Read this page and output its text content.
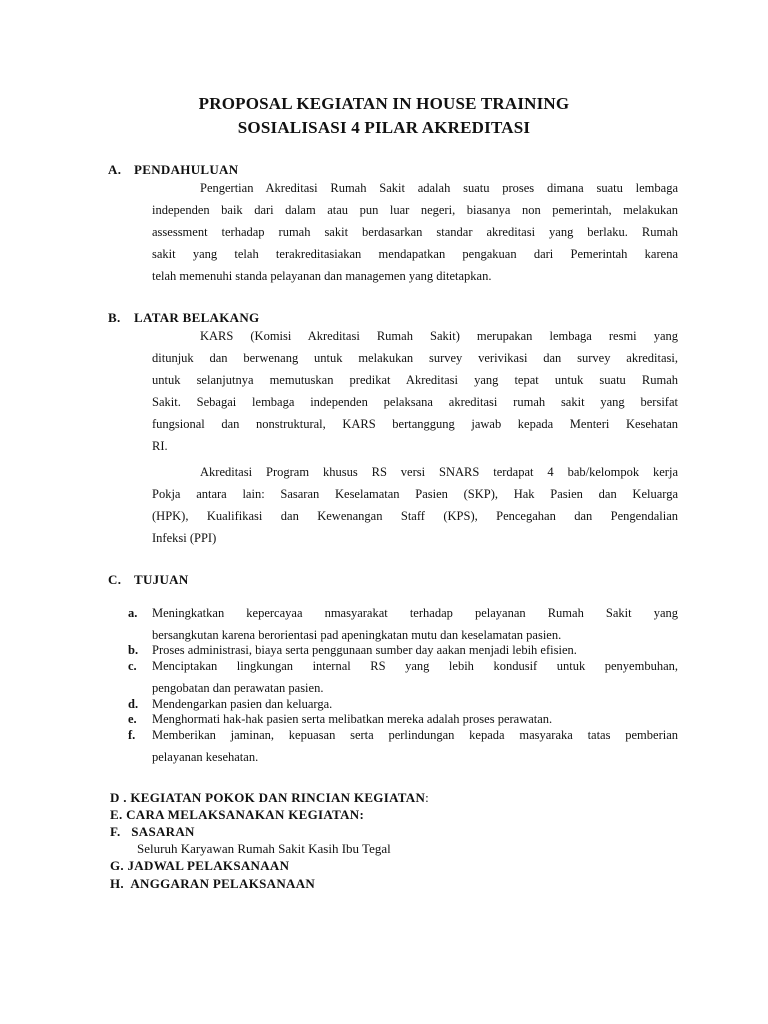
PROPOSAL KEGIATAN IN HOUSE TRAINING
SOSIALISASI 4 PILAR AKREDITASI
A. PENDAHULUAN
Pengertian Akreditasi Rumah Sakit adalah suatu proses dimana suatu lembaga
independen baik dari dalam atau pun luar negeri, biasanya non pemerintah, melakukan
assessment terhadap rumah sakit berdasarkan standar akreditasi yang berlaku. Rumah
sakit yang telah terakreditasiakan mendapatkan pengakuan dari Pemerintah karena
telah memenuhi standa pelayanan dan managemen yang ditetapkan.
B. LATAR BELAKANG
KARS (Komisi Akreditasi Rumah Sakit) merupakan lembaga resmi yang
ditunjuk dan berwenang untuk melakukan survey verivikasi dan survey akreditasi,
untuk selanjutnya memutuskan predikat Akreditasi yang tepat untuk suatu Rumah
Sakit. Sebagai lembaga independen pelaksana akreditasi rumah sakit yang bersifat
fungsional dan nonstruktural, KARS bertanggung jawab kepada Menteri Kesehatan
RI.
Akreditasi Program khusus RS versi SNARS terdapat 4 bab/kelompok kerja
Pokja antara lain: Sasaran Keselamatan Pasien (SKP), Hak Pasien dan Keluarga
(HPK), Kualifikasi dan Kewenangan Staff (KPS), Pencegahan dan Pengendalian
Infeksi (PPI)
C. TUJUAN
a. Meningkatkan kepercayaa nmasyarakat terhadap pelayanan Rumah Sakit yang
bersangkutan karena berorientasi pad apeningkatan mutu dan keselamatan pasien.
b. Proses administrasi, biaya serta penggunaan sumber day aakan menjadi lebih efisien.
c. Menciptakan lingkungan internal RS yang lebih kondusif untuk penyembuhan,
pengobatan dan perawatan pasien.
d. Mendengarkan pasien dan keluarga.
e. Menghormati hak-hak pasien serta melibatkan mereka adalah proses perawatan.
f. Memberikan jaminan, kepuasan serta perlindungan kepada masyaraka tatas pemberian
pelayanan kesehatan.
D . KEGIATAN POKOK DAN RINCIAN KEGIATAN:
E. CARA MELAKSANAKAN KEGIATAN:
F.   SASARAN
Seluruh Karyawan Rumah Sakit Kasih Ibu Tegal
G. JADWAL PELAKSANAAN
H.  ANGGARAN PELAKSANAAN
